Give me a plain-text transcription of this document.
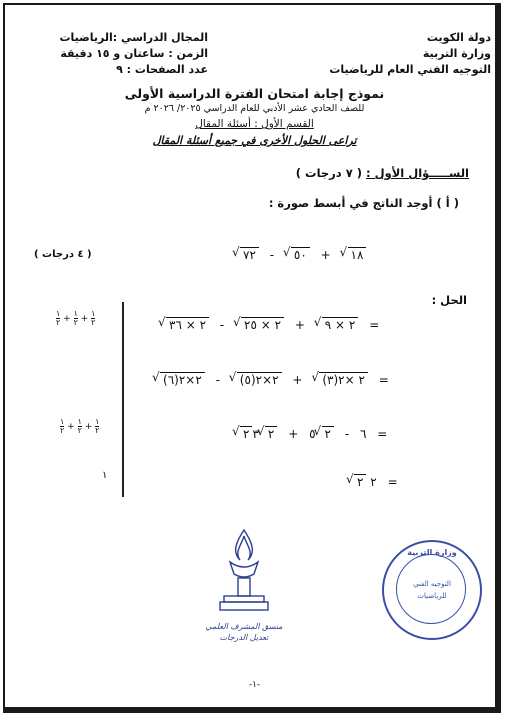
دولة الكويت
وزارة التربية
التوجيه الفني العام للرياضيات
المجال الدراسي :الرياضيات
الزمن : ساعتان و ١٥ دقيقة
عدد الصفحات : ٩
نموذج إجابة امتحان الفترة الدراسية الأولى
للصف الحادي عشر الأدبي للعام الدراسي ٢٠٢٥/ ٢٠٢٦ م
القسم الأول : أسئلة المقال
تراعى الحلول الأخرى في جميع أسئلة المقال
الســـــؤال الأول : ( ٧ درجات )
( أ ) أوجد الناتج في أبسط صورة :
( ٤ درجات )	√ ٧٢ - √ ٥٠ + √ ١٨
الحل :
$\frac{١}{٢} + \frac{١}{٢} + \frac{١}{٢}$
$\frac{١}{٢} + \frac{١}{٢} + \frac{١}{٢}$
١
√ ٢ × ٣٦ - √ ٢ × ٢٥ + √ ٢ × ٩ =
√ ٢×٢(٦) - √ ٢×٢(٥) + √ ٢ ×٢(٣) =
√ ٢	٦ - √ ٢٥ + √ ٢٣	=
√ ٢ ٢ =
منسق المشرف العلمي
تعديل الدرجات
وزارة التربية
التوجيه الفني
للرياضيات
-١-
